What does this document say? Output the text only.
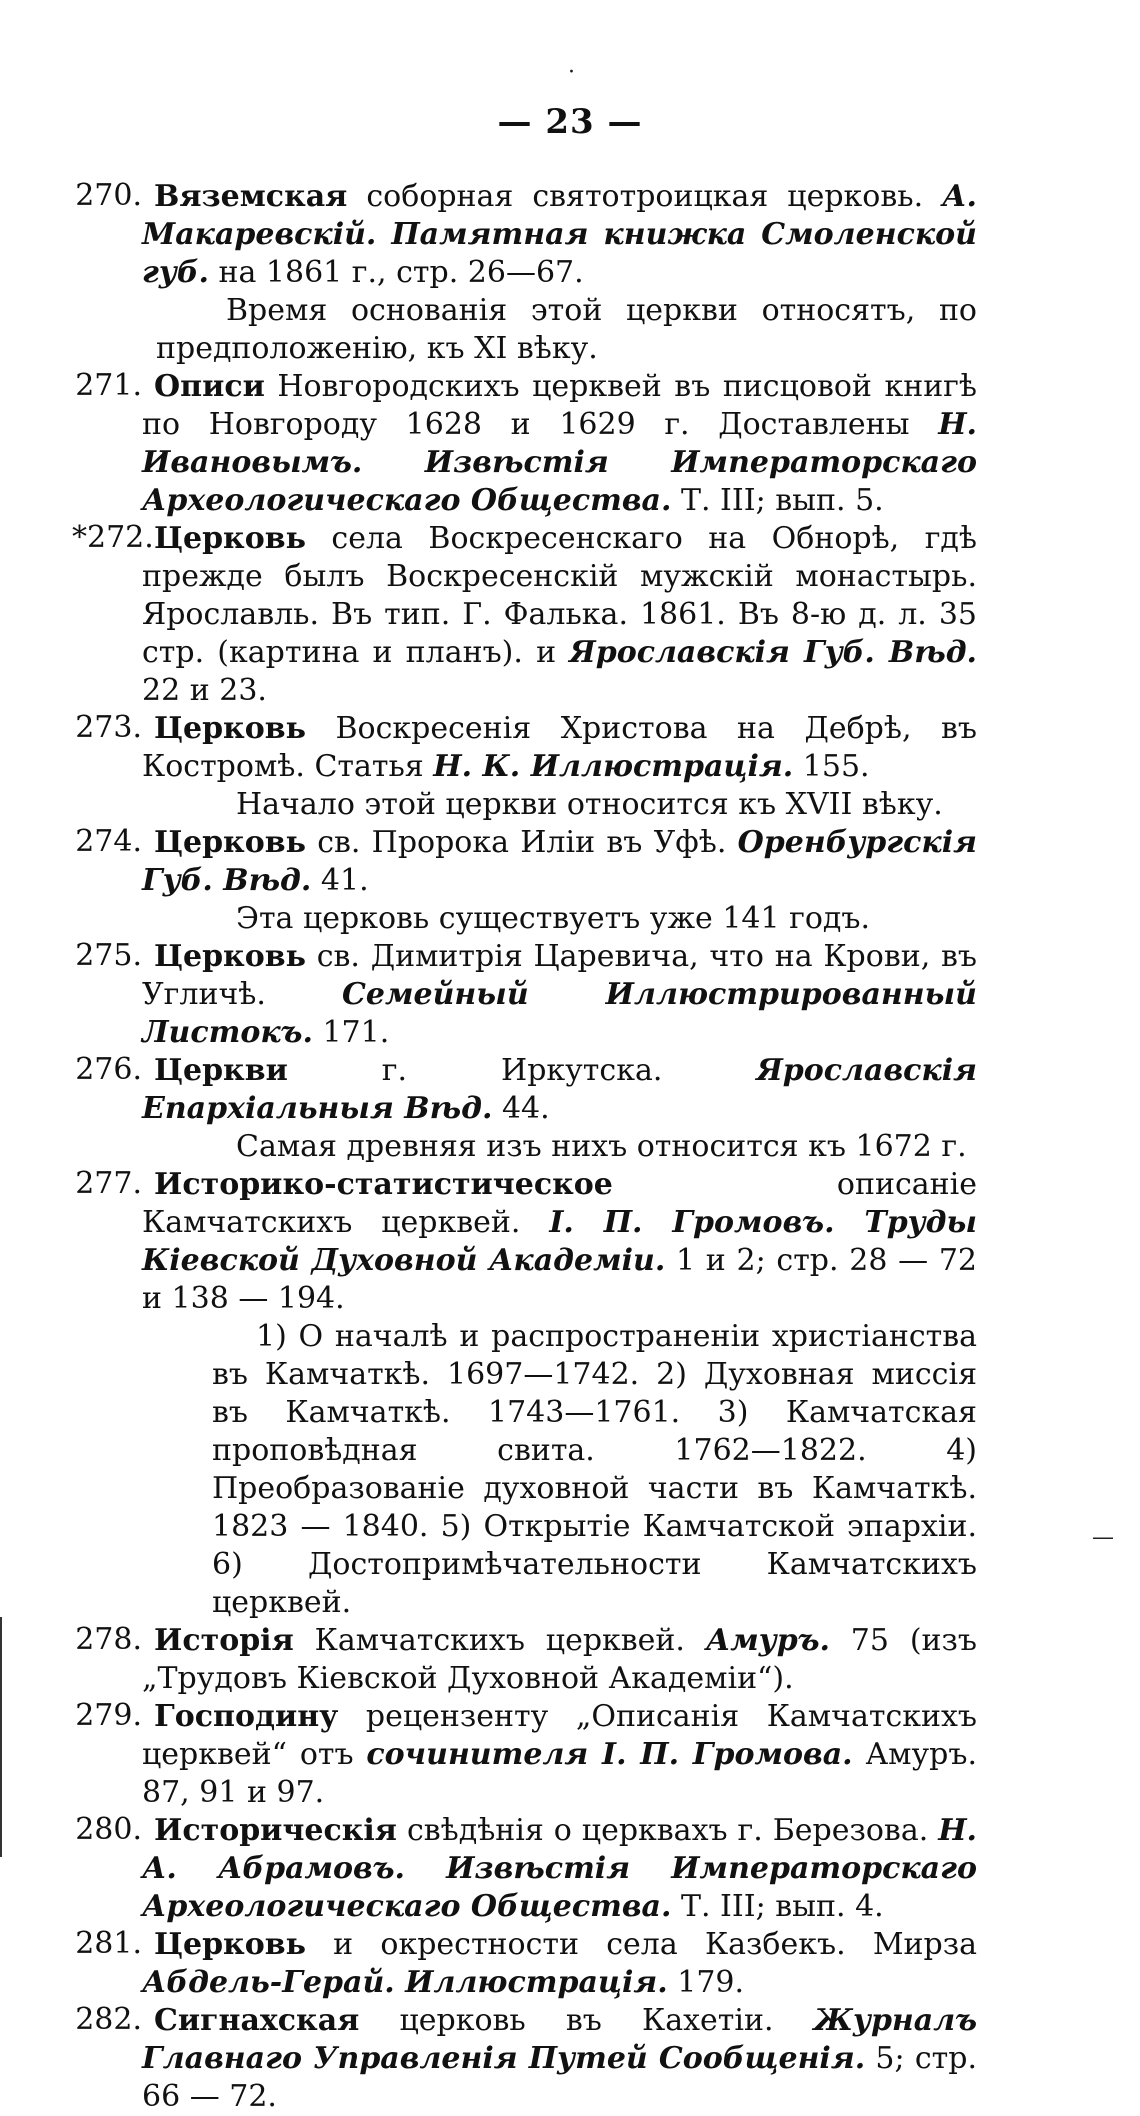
·
— 23 —
270. Вяземская соборная святотроицкая церковь. А. Макаревскій. Памятная книжка Смоленской губ. на 1861 г., стр. 26—67.
Время основанія этой церкви относятъ, по предположенію, къ XI вѣку.
271. Описи Новгородскихъ церквей въ писцовой книгѣ по Новгороду 1628 и 1629 г. Доставлены Н. Ивановымъ. Извѣстія Императорскаго Археологическаго Общества. Т. III; вып. 5.
*272. Церковь села Воскресенскаго на Обнорѣ, гдѣ прежде былъ Воскресенскій мужскій монастырь. Ярославль. Въ тип. Г. Фалька. 1861. Въ 8-ю д. л. 35 стр. (картина и планъ). и Ярославскія Губ. Вѣд. 22 и 23.
273. Церковь Воскресенія Христова на Дебрѣ, въ Костромѣ. Статья Н. К. Иллюстрація. 155.
Начало этой церкви относится къ XVII вѣку.
274. Церковь св. Пророка Иліи въ Уфѣ. Оренбургскія Губ. Вѣд. 41.
Эта церковь существуетъ уже 141 годъ.
275. Церковь св. Димитрія Царевича, что на Крови, въ Угличѣ. Семейный Иллюстрированный Листокъ. 171.
276. Церкви г. Иркутска. Ярославскія Епархіальныя Вѣд. 44.
Самая древняя изъ нихъ относится къ 1672 г.
277. Историко-статистическое описаніе Камчатскихъ церквей. I. П. Громовъ. Труды Кіевской Духовной Академіи. 1 и 2; стр. 28 — 72 и 138 — 194.
1) О началѣ и распространеніи христіанства въ Камчаткѣ. 1697—1742. 2) Духовная миссія въ Камчаткѣ. 1743—1761. 3) Камчатская проповѣдная свита. 1762—1822. 4) Преобразованіе духовной части въ Камчаткѣ. 1823 — 1840. 5) Открытіе Камчатской эпархіи. 6) Достопримѣчательности Камчатскихъ церквей.
278. Исторія Камчатскихъ церквей. Амуръ. 75 (изъ „Трудовъ Кіевской Духовной Академіи“).
279. Господину рецензенту „Описанія Камчатскихъ церквей“ отъ сочинителя I. П. Громова. Амуръ. 87, 91 и 97.
280. Историческія свѣдѣнія о церквахъ г. Березова. Н. А. Абрамовъ. Извѣстія Императорскаго Археологическаго Общества. Т. III; вып. 4.
281. Церковь и окрестности села Казбекъ. Мирза Абдель-Герай. Иллюстрація. 179.
282. Сигнахская церковь въ Кахетіи. Журналъ Главнаго Управленія Путей Сообщенія. 5; стр. 66 — 72.
—
